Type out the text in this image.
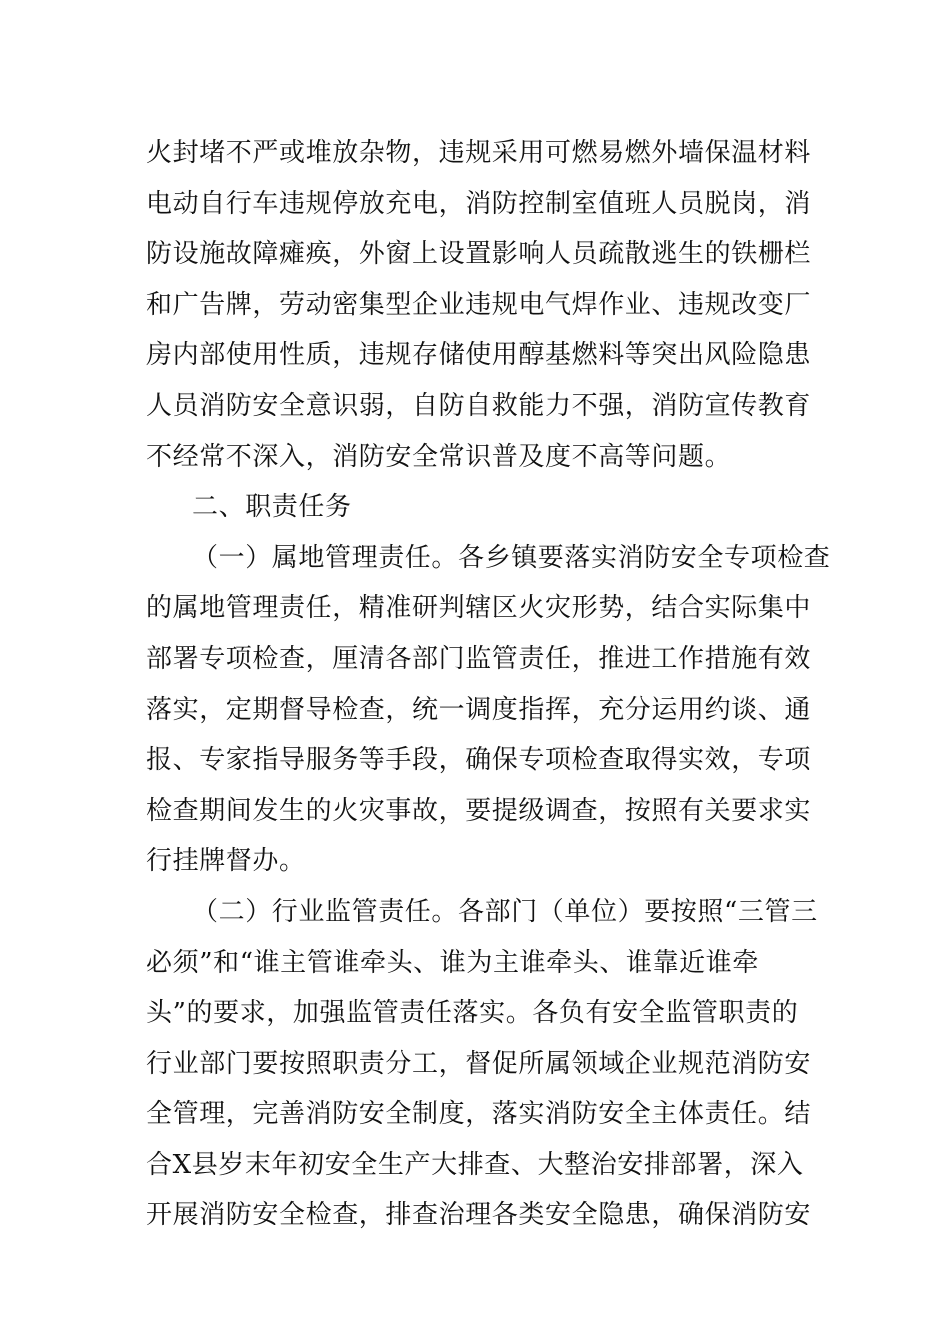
火封堵不严或堆放杂物，违规采用可燃易燃外墙保温材料
电动自行车违规停放充电，消防控制室值班人员脱岗，消
防设施故障瘫痪，外窗上设置影响人员疏散逃生的铁栅栏
和广告牌，劳动密集型企业违规电气焊作业、违规改变厂
房内部使用性质，违规存储使用醇基燃料等突出风险隐患
人员消防安全意识弱，自防自救能力不强，消防宣传教育
不经常不深入，消防安全常识普及度不高等问题。
二、职责任务
（一）属地管理责任。各乡镇要落实消防安全专项检查
的属地管理责任，精准研判辖区火灾形势，结合实际集中
部署专项检查，厘清各部门监管责任，推进工作措施有效
落实，定期督导检查，统一调度指挥，充分运用约谈、通
报、专家指导服务等手段，确保专项检查取得实效，专项
检查期间发生的火灾事故，要提级调查，按照有关要求实
行挂牌督办。
（二）行业监管责任。各部门（单位）要按照“三管三
必须”和“谁主管谁牵头、谁为主谁牵头、谁靠近谁牵
头”的要求，加强监管责任落实。各负有安全监管职责的
行业部门要按照职责分工，督促所属领域企业规范消防安
全管理，完善消防安全制度，落实消防安全主体责任。结
合X县岁末年初安全生产大排查、大整治安排部署，深入
开展消防安全检查，排查治理各类安全隐患，确保消防安
